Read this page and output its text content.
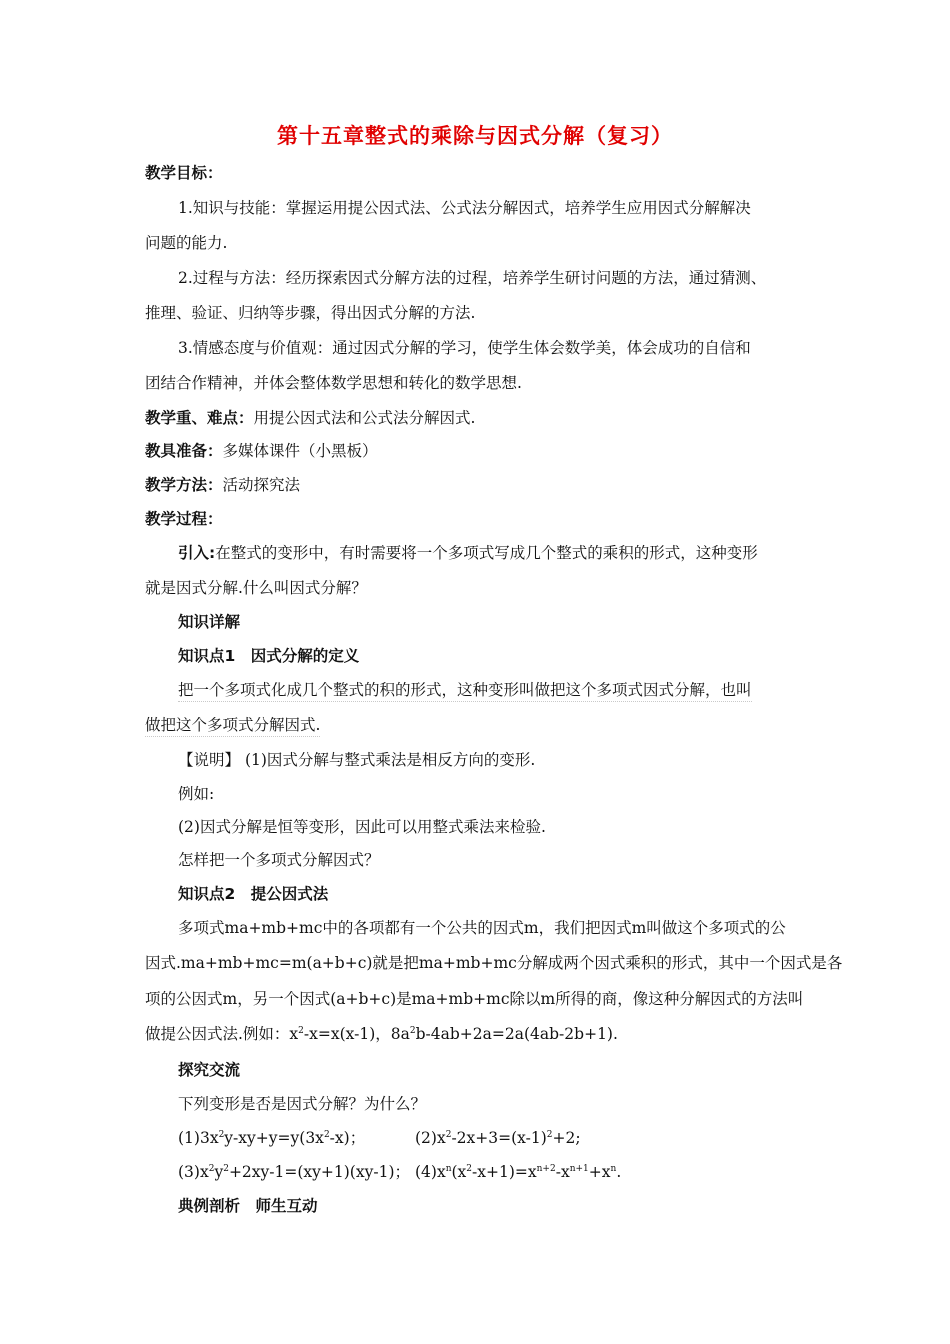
第十五章整式的乘除与因式分解（复习）
教学目标：
1.知识与技能：掌握运用提公因式法、公式法分解因式，培养学生应用因式分解解决
问题的能力.
2.过程与方法：经历探索因式分解方法的过程，培养学生研讨问题的方法，通过猜测、
推理、验证、归纳等步骤，得出因式分解的方法.
3.情感态度与价值观：通过因式分解的学习，使学生体会数学美，体会成功的自信和
团结合作精神，并体会整体数学思想和转化的数学思想.
教学重、难点：用提公因式法和公式法分解因式.
教具准备：多媒体课件（小黑板）
教学方法：活动探究法
教学过程：
引入:在整式的变形中，有时需要将一个多项式写成几个整式的乘积的形式，这种变形
就是因式分解.什么叫因式分解？
知识详解
知识点1　因式分解的定义
把一个多项式化成几个整式的积的形式，这种变形叫做把这个多项式因式分解，也叫
做把这个多项式分解因式.
【说明】 (1)因式分解与整式乘法是相反方向的变形.
例如:
(2)因式分解是恒等变形，因此可以用整式乘法来检验.
怎样把一个多项式分解因式？
知识点2　提公因式法
多项式ma+mb+mc中的各项都有一个公共的因式m，我们把因式m叫做这个多项式的公
因式.ma+mb+mc=m(a+b+c)就是把ma+mb+mc分解成两个因式乘积的形式，其中一个因式是各
项的公因式m，另一个因式(a+b+c)是ma+mb+mc除以m所得的商，像这种分解因式的方法叫
做提公因式法.例如：$x^2-x=x(x-1)$，$8a^2b-4ab+2a=2a(4ab-2b+1)$.
探究交流
下列变形是否是因式分解？为什么？
$(1)3x^2y-xy+y=y(3x^2-x)$；	$(2)x^2-2x+3=(x-1)^2+2$;
$(3)x^2y^2+2xy-1=(xy+1)(xy-1)$； $(4)x^n(x^2-x+1)=x^{n+2}-x^{n+1}+x^n$.
典例剖析　师生互动
